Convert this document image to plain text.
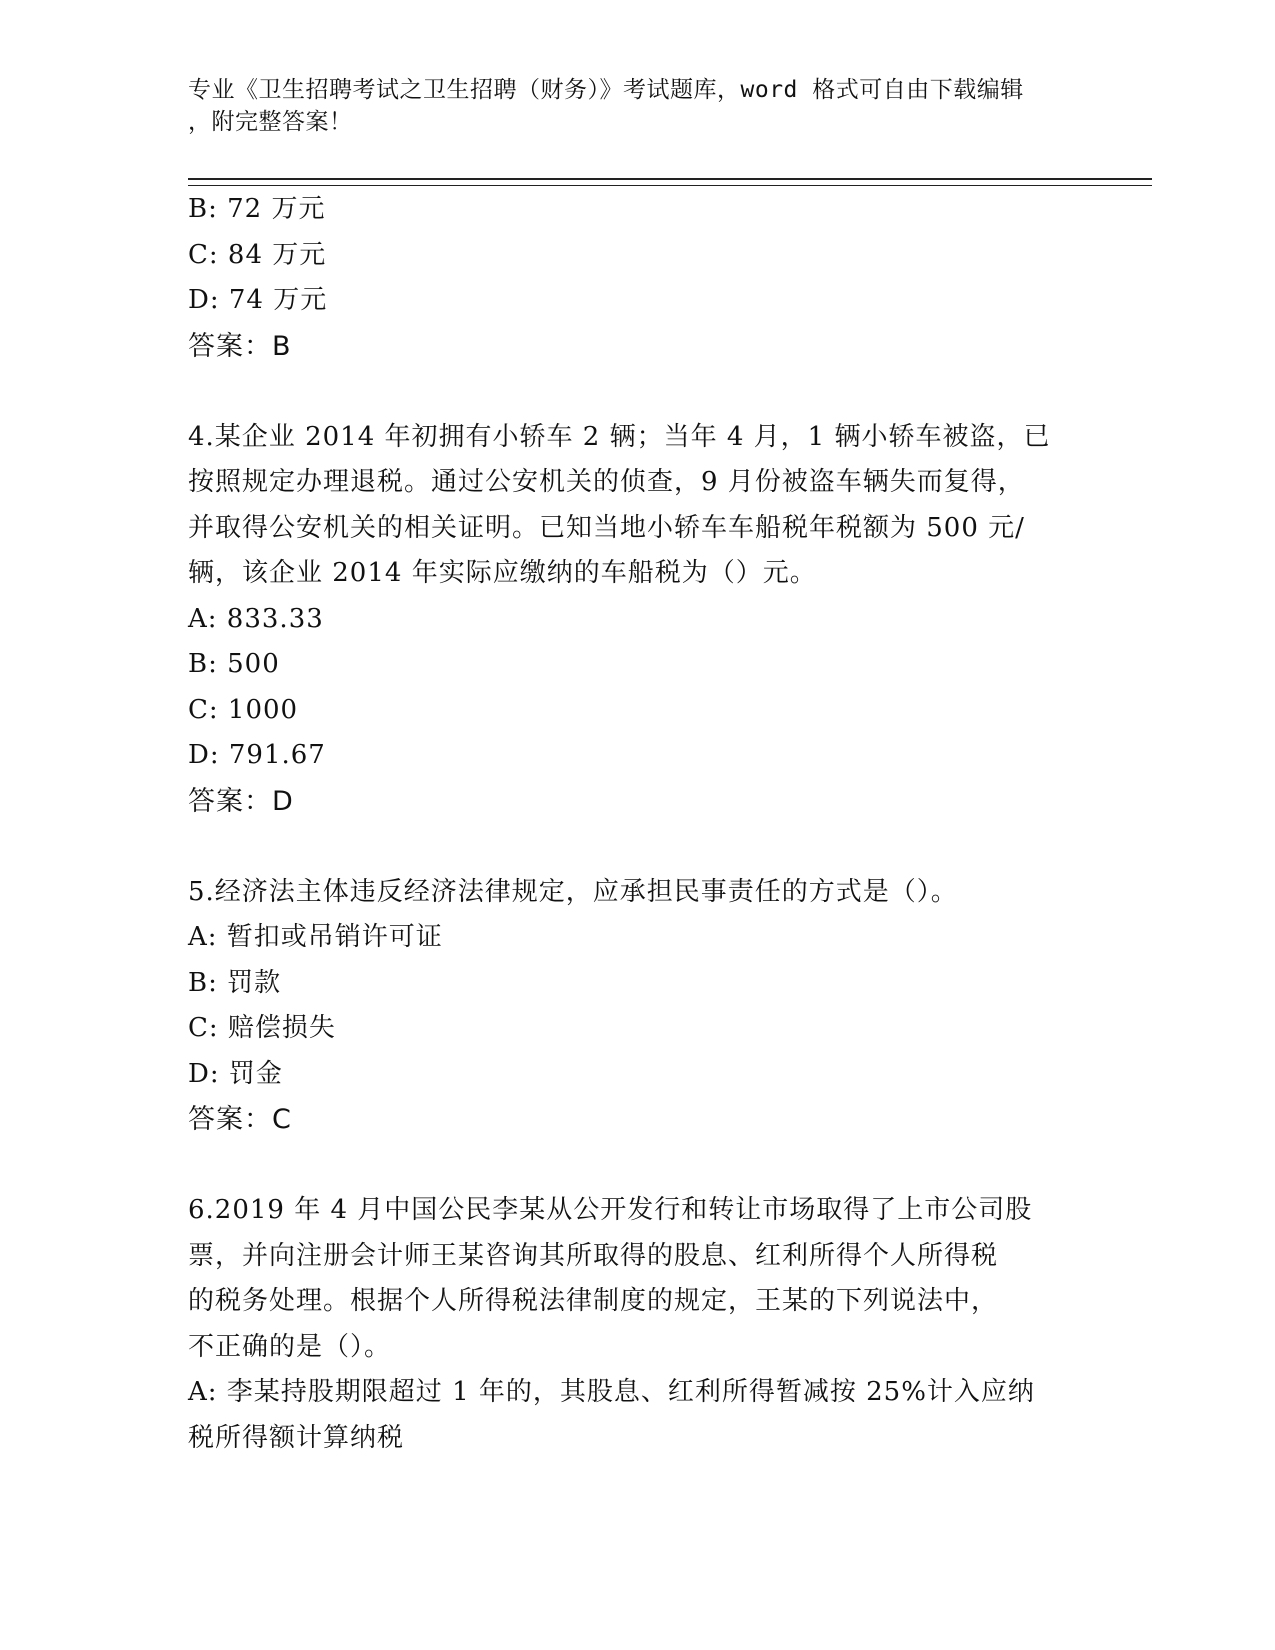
专业《卫生招聘考试之卫生招聘（财务）》考试题库，word 格式可自由下载编辑
，附完整答案！
B: 72 万元
C: 84 万元
D: 74 万元
答案：B
4.某企业 2014 年初拥有小轿车 2 辆；当年 4 月，1 辆小轿车被盗，已
按照规定办理退税。通过公安机关的侦查，9 月份被盗车辆失而复得，
并取得公安机关的相关证明。已知当地小轿车车船税年税额为 500 元/
辆，该企业 2014 年实际应缴纳的车船税为（）元。
A: 833.33
B: 500
C: 1000
D: 791.67
答案：D
5.经济法主体违反经济法律规定，应承担民事责任的方式是（）。
A: 暂扣或吊销许可证
B: 罚款
C: 赔偿损失
D: 罚金
答案：C
6.2019 年 4 月中国公民李某从公开发行和转让市场取得了上市公司股
票，并向注册会计师王某咨询其所取得的股息、红利所得个人所得税
的税务处理。根据个人所得税法律制度的规定，王某的下列说法中，
不正确的是（）。
A: 李某持股期限超过 1 年的，其股息、红利所得暂减按 25%计入应纳
税所得额计算纳税
